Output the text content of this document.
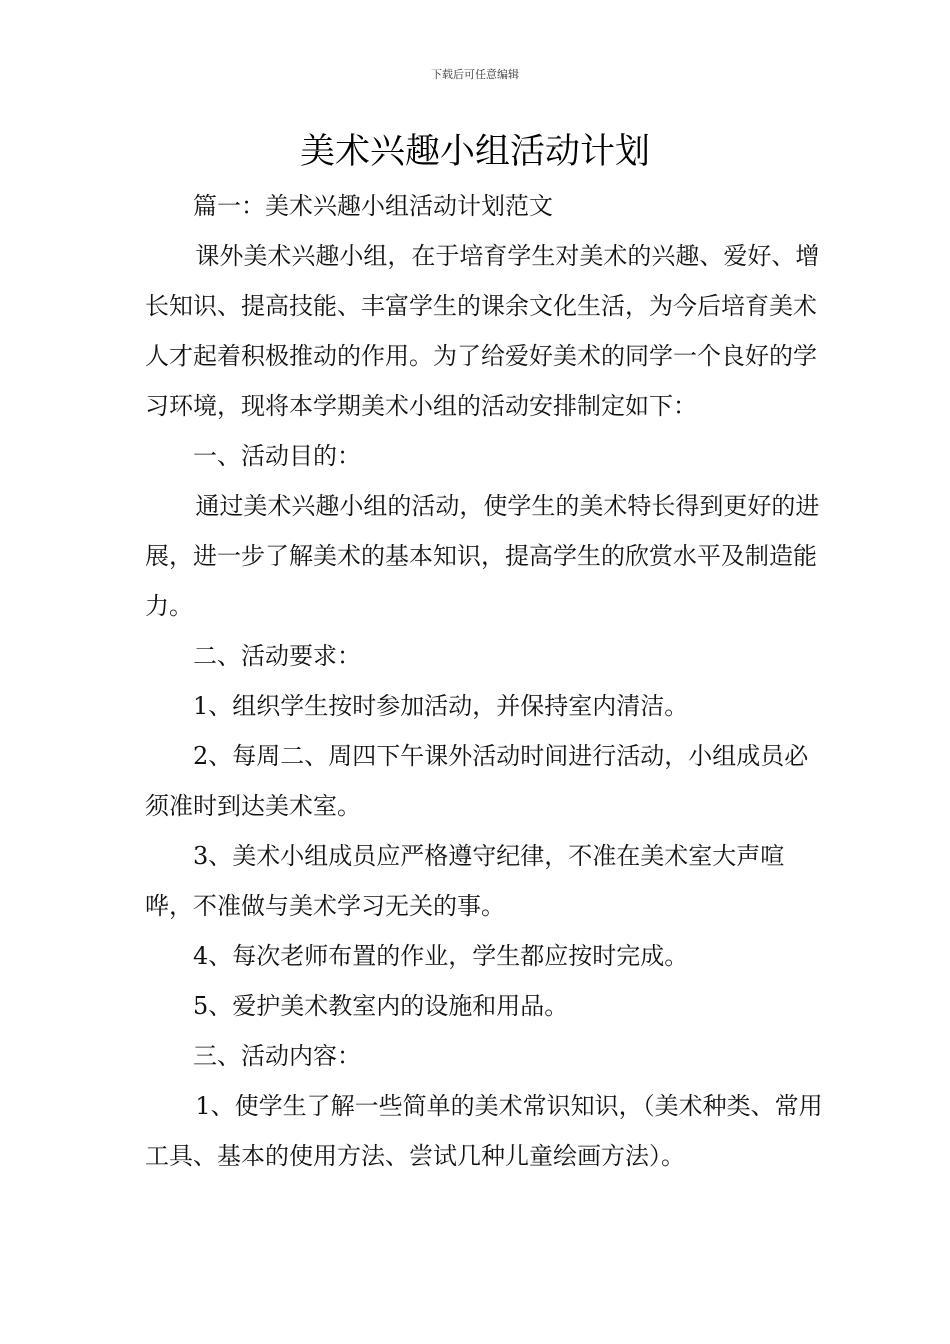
下载后可任意编辑
美术兴趣小组活动计划

篇一：美术兴趣小组活动计划范文

课外美术兴趣小组，在于培育学生对美术的兴趣、爱好、增长知识、提高技能、丰富学生的课余文化生活，为今后培育美术人才起着积极推动的作用。为了给爱好美术的同学一个良好的学习环境，现将本学期美术小组的活动安排制定如下：

一、活动目的：

通过美术兴趣小组的活动，使学生的美术特长得到更好的进展，进一步了解美术的基本知识，提高学生的欣赏水平及制造能力。

二、活动要求：

1、组织学生按时参加活动，并保持室内清洁。

2、每周二、周四下午课外活动时间进行活动，小组成员必须准时到达美术室。

3、美术小组成员应严格遵守纪律，不准在美术室大声喧哗，不准做与美术学习无关的事。

4、每次老师布置的作业，学生都应按时完成。

5、爱护美术教室内的设施和用品。

三、活动内容：

1、使学生了解一些简单的美术常识知识，（美术种类、常用工具、基本的使用方法、尝试几种儿童绘画方法）。
